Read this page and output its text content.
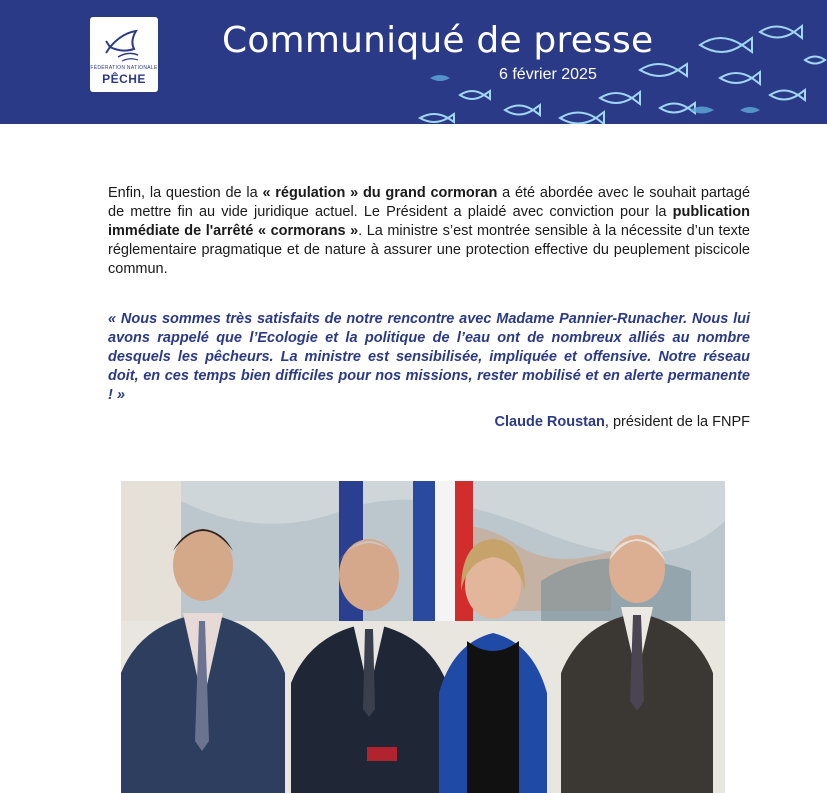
FÉDÉRATION NATIONALE
PÊCHE
Communiqué de presse
6 février 2025
Enfin, la question de la « régulation » du grand cormoran a été abordée avec le souhait partagé de mettre fin au vide juridique actuel. Le Président a plaidé avec conviction pour la publication immédiate de l'arrêté « cormorans ». La ministre s’est montrée sensible à la nécessite d’un texte réglementaire pragmatique et de nature à assurer une protection effective du peuplement piscicole commun.
« Nous sommes très satisfaits de notre rencontre avec Madame Pannier-Runacher. Nous lui avons rappelé que l’Ecologie et la politique de l’eau ont de nombreux alliés au nombre desquels les pêcheurs. La ministre est sensibilisée, impliquée et offensive. Notre réseau doit, en ces temps bien difficiles pour nos missions, rester mobilisé et en alerte permanente ! »
Claude Roustan, président de la FNPF
